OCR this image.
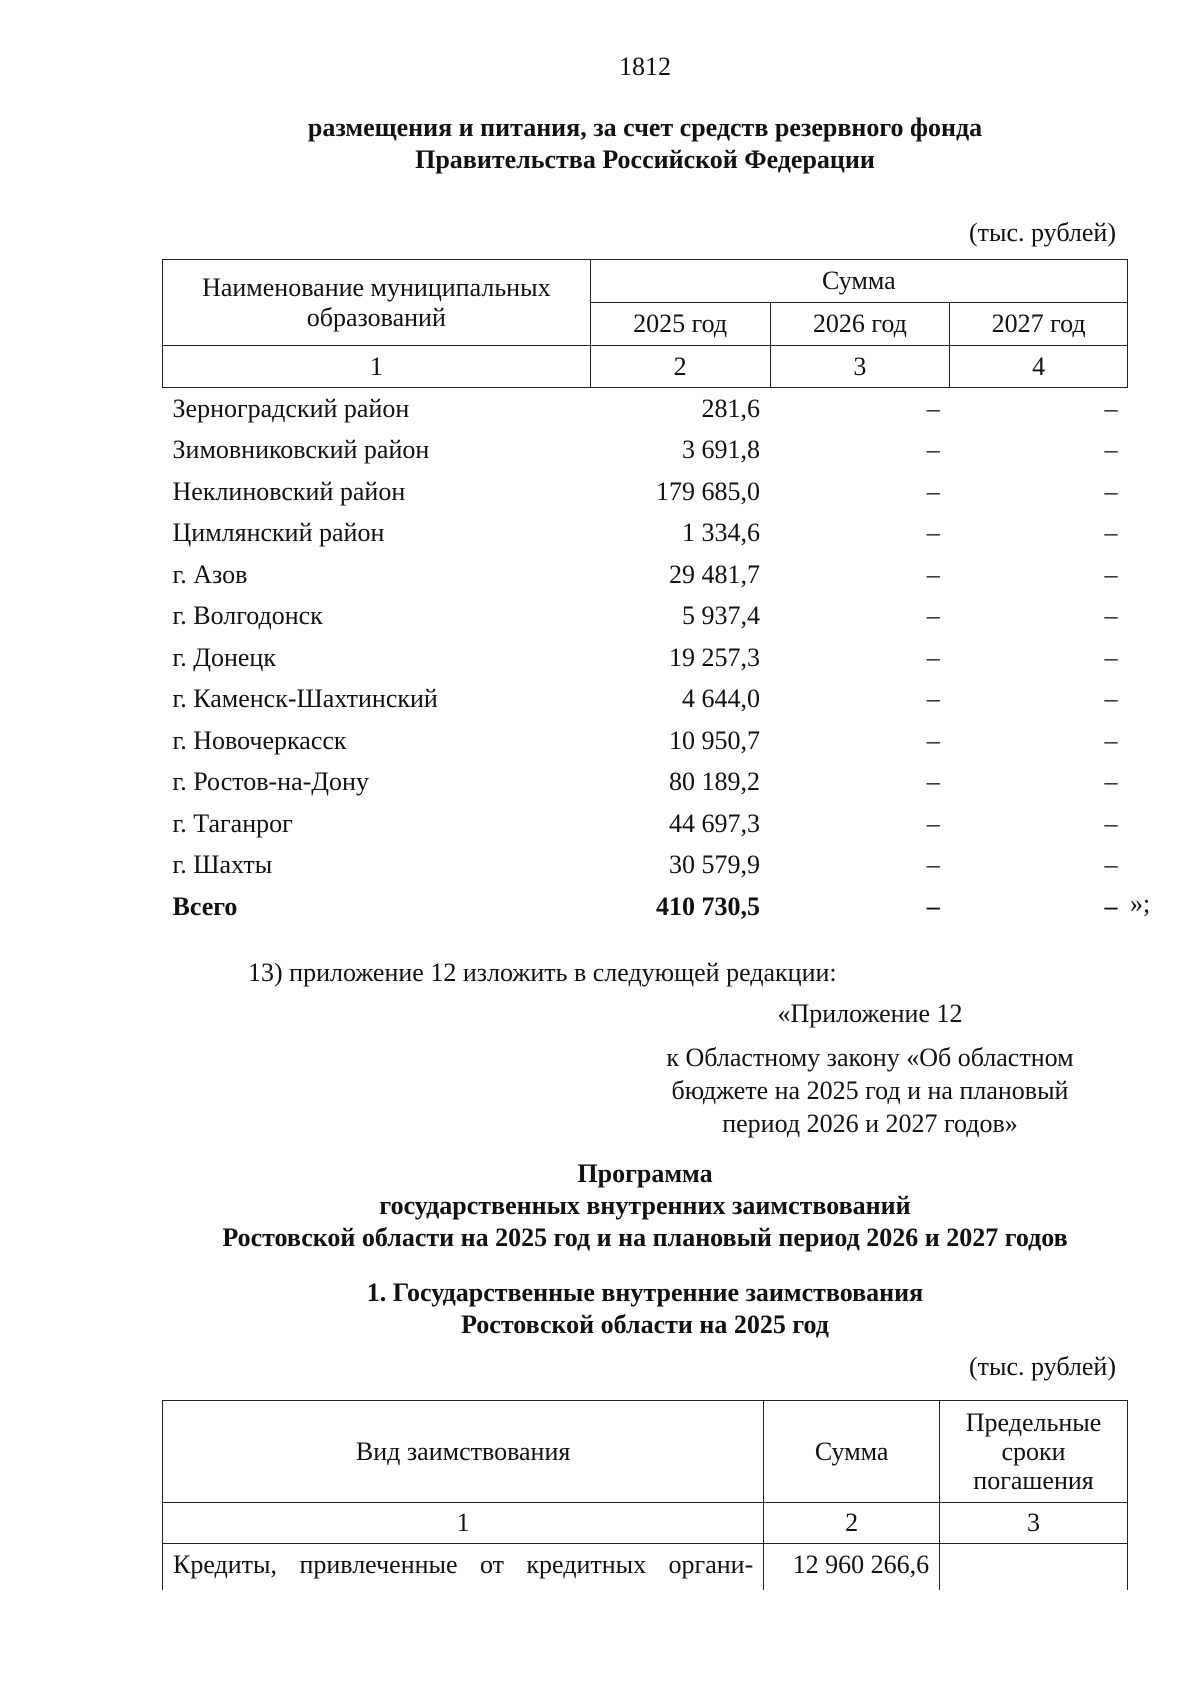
1812
размещения и питания, за счет средств резервного фонда
Правительства Российской Федерации
(тыс. рублей)
Наименование муниципальных образований	Сумма		
	2025 год	2026 год	2027 год
1	2	3	4
Зерноградский район	281,6	–	–
Зимовниковский район	3 691,8	–	–
Неклиновский район	179 685,0	–	–
Цимлянский район	1 334,6	–	–
г. Азов	29 481,7	–	–
г. Волгодонск	5 937,4	–	–
г. Донецк	19 257,3	–	–
г. Каменск-Шахтинский	4 644,0	–	–
г. Новочеркасск	10 950,7	–	–
г. Ростов-на-Дону	80 189,2	–	–
г. Таганрог	44 697,3	–	–
г. Шахты	30 579,9	–	–
Всего	410 730,5	–	– »;
13) приложение 12 изложить в следующей редакции:
«Приложение 12
к Областному закону «Об областном
бюджете на 2025 год и на плановый
период 2026 и 2027 годов»
Программа
государственных внутренних заимствований
Ростовской области на 2025 год и на плановый период 2026 и 2027 годов
1. Государственные внутренние заимствования
Ростовской области на 2025 год
(тыс. рублей)
Вид заимствования	Сумма	Предельные
сроки
погашения

1	2	3
Кредиты, привлеченные от кредитных органи-	12 960 266,6	
